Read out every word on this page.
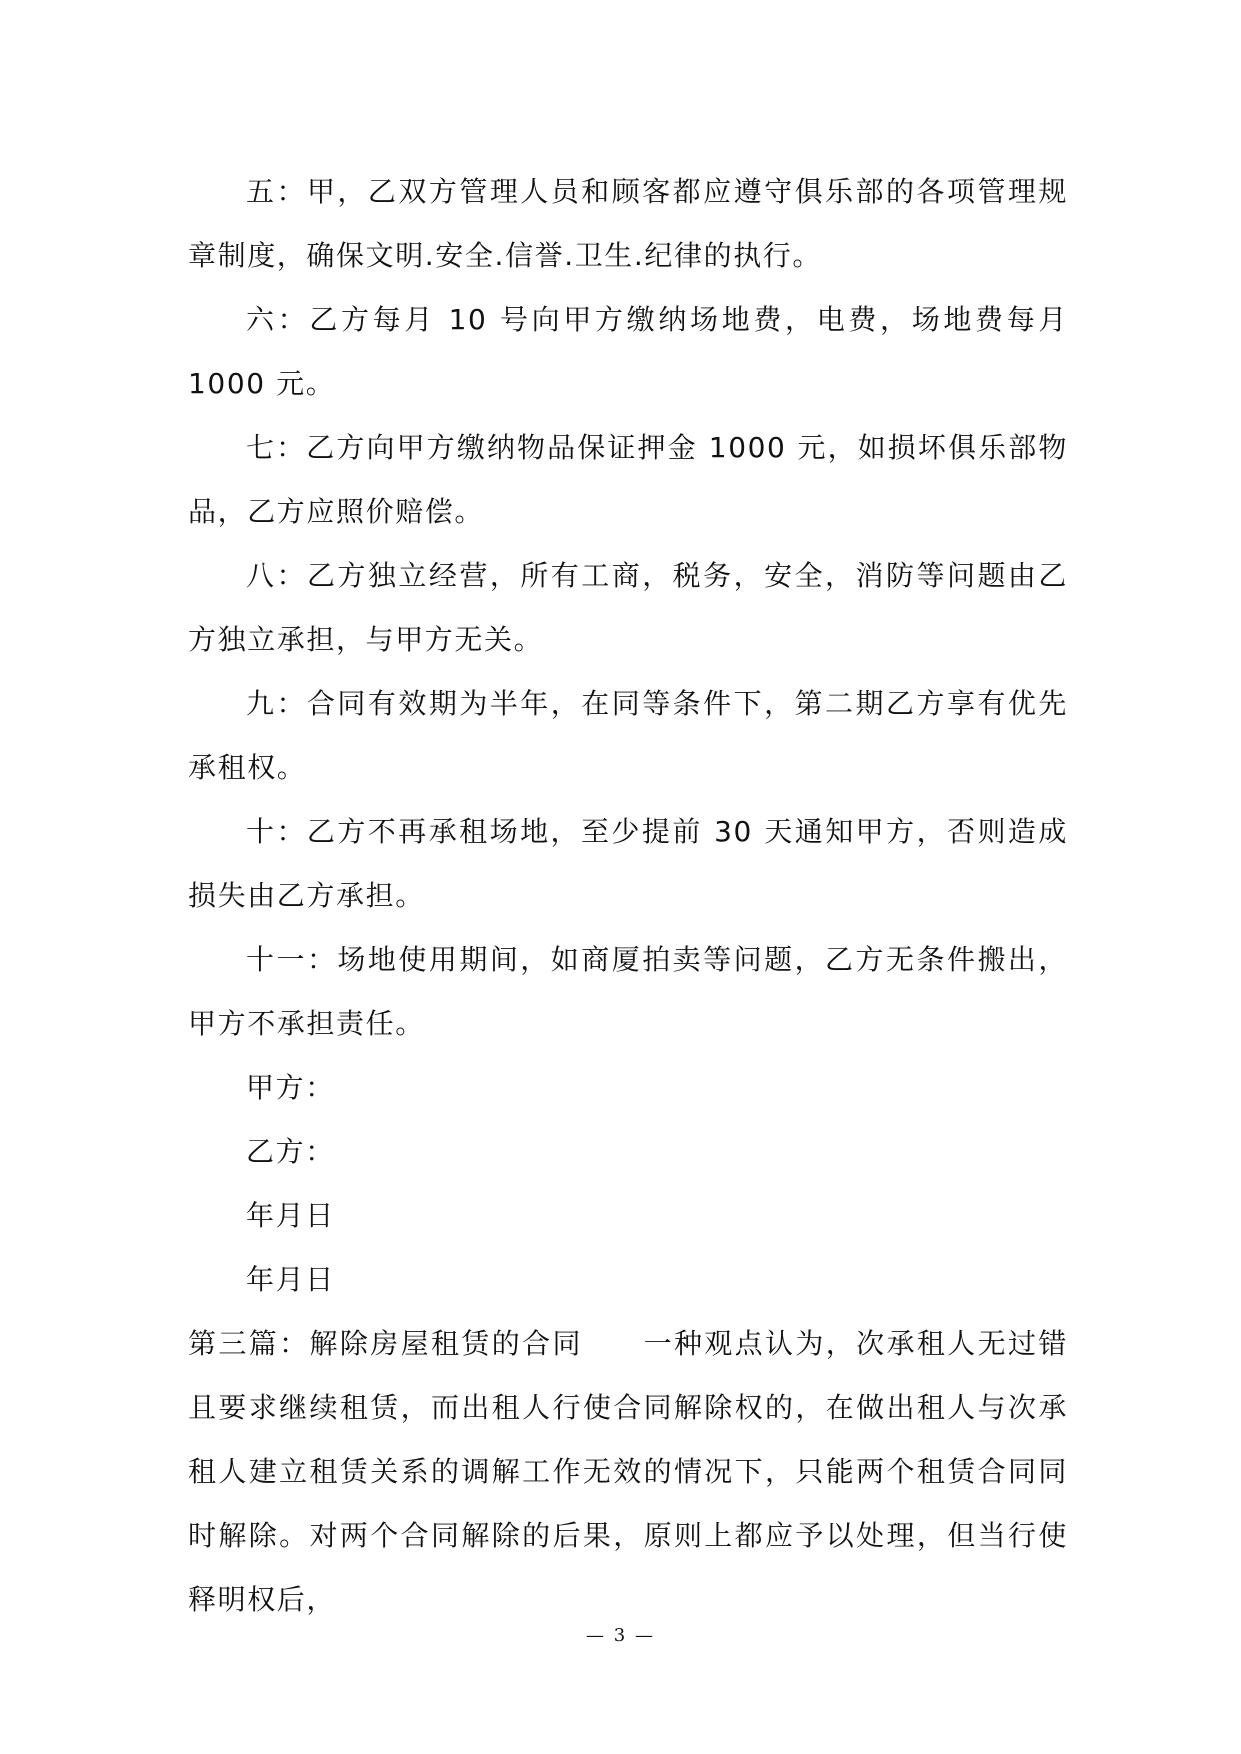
五：甲，乙双方管理人员和顾客都应遵守俱乐部的各项管理规章制度，确保文明.安全.信誉.卫生.纪律的执行。

六：乙方每月 10 号向甲方缴纳场地费，电费，场地费每月 1000 元。

七：乙方向甲方缴纳物品保证押金 1000 元，如损坏俱乐部物品，乙方应照价赔偿。

八：乙方独立经营，所有工商，税务，安全，消防等问题由乙方独立承担，与甲方无关。

九：合同有效期为半年，在同等条件下，第二期乙方享有优先承租权。

十：乙方不再承租场地，至少提前 30 天通知甲方，否则造成损失由乙方承担。

十一：场地使用期间，如商厦拍卖等问题，乙方无条件搬出，甲方不承担责任。

甲方：

乙方：

年月日

年月日

第三篇：解除房屋租赁的合同　　一种观点认为，次承租人无过错且要求继续租赁，而出租人行使合同解除权的，在做出租人与次承租人建立租赁关系的调解工作无效的情况下，只能两个租赁合同同时解除。对两个合同解除的后果，原则上都应予以处理，但当行使释明权后，

— 3 —
